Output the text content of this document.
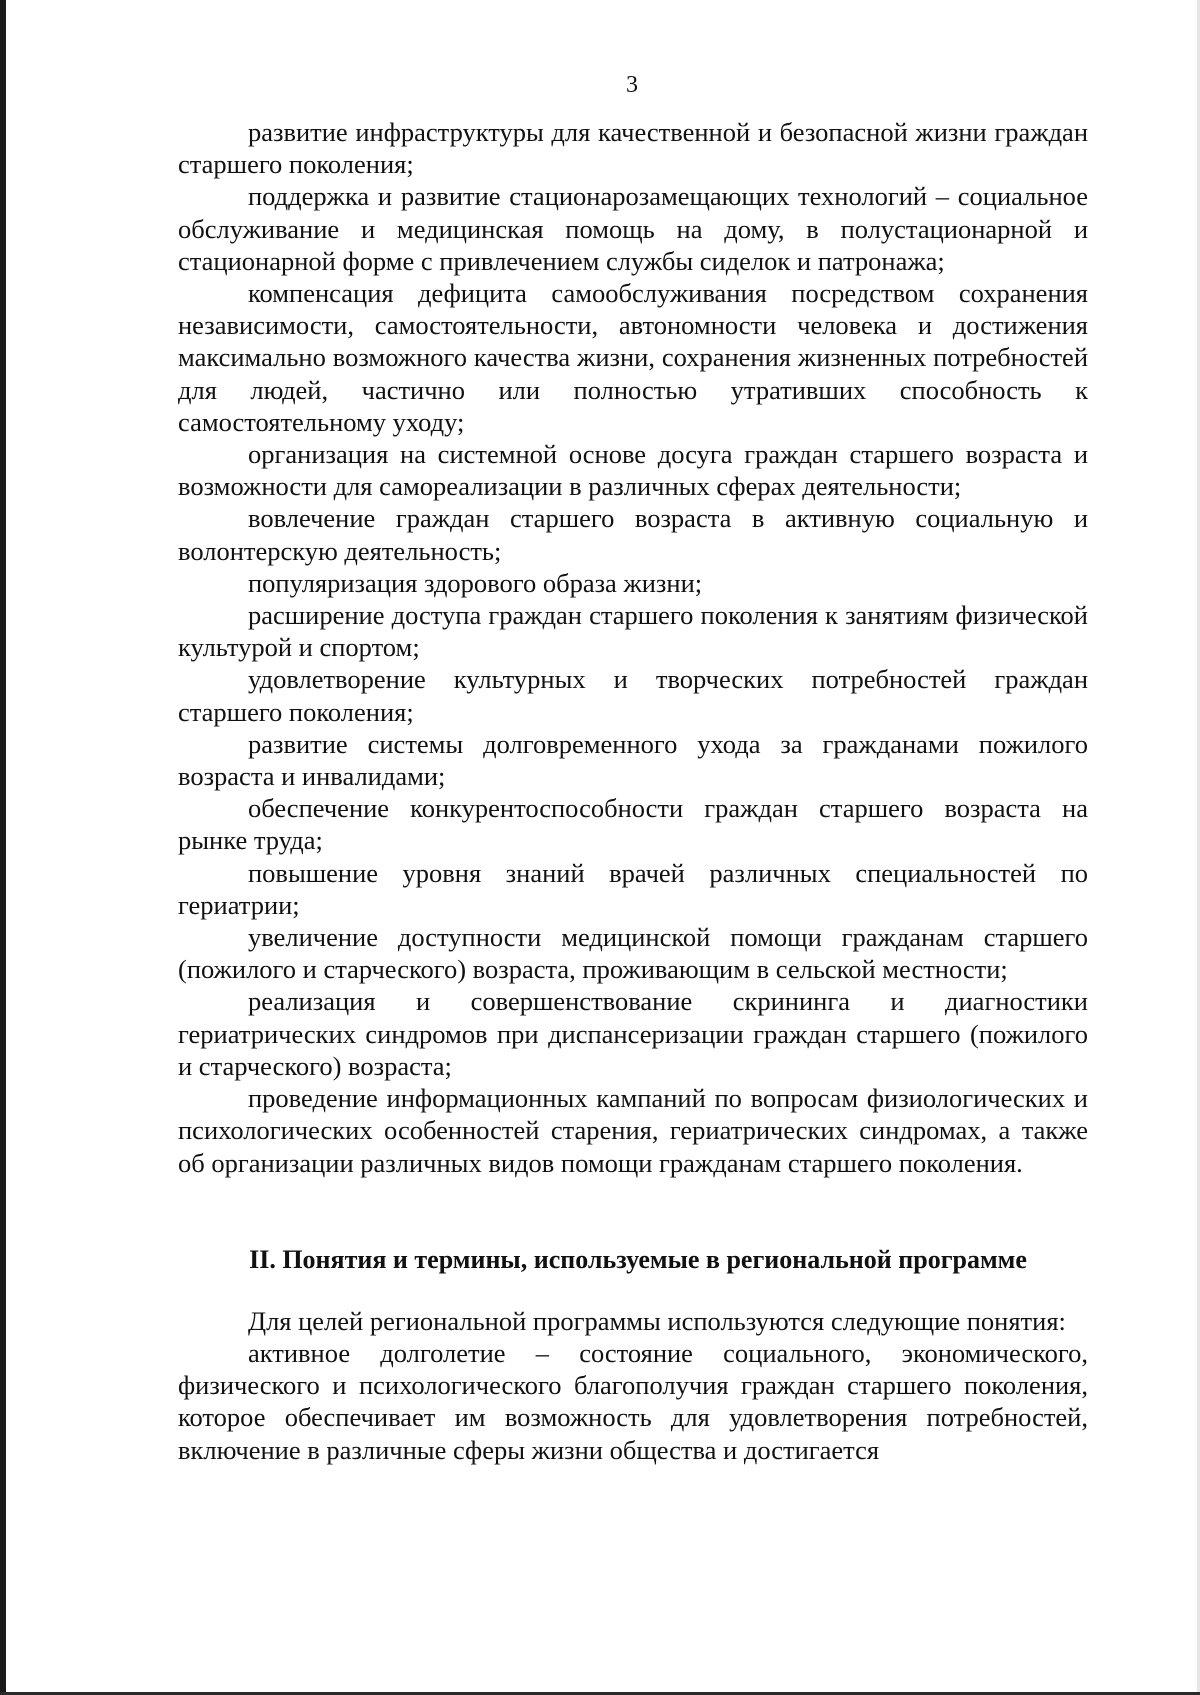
3

развитие инфраструктуры для качественной и безопасной жизни граждан старшего поколения;

поддержка и развитие стационарозамещающих технологий – социальное обслуживание и медицинская помощь на дому, в полустационарной и стационарной форме с привлечением службы сиделок и патронажа;

компенсация дефицита самообслуживания посредством сохранения независимости, самостоятельности, автономности человека и достижения максимально возможного качества жизни, сохранения жизненных потребностей для людей, частично или полностью утративших способность к самостоятельному уходу;

организация на системной основе досуга граждан старшего возраста и возможности для самореализации в различных сферах деятельности;

вовлечение граждан старшего возраста в активную социальную и волонтерскую деятельность;

популяризация здорового образа жизни;

расширение доступа граждан старшего поколения к занятиям физической культурой и спортом;

удовлетворение культурных и творческих потребностей граждан старшего поколения;

развитие системы долговременного ухода за гражданами пожилого возраста и инвалидами;

обеспечение конкурентоспособности граждан старшего возраста на рынке труда;

повышение уровня знаний врачей различных специальностей по гериатрии;

увеличение доступности медицинской помощи гражданам старшего (пожилого и старческого) возраста, проживающим в сельской местности;

реализация и совершенствование скрининга и диагностики гериатрических синдромов при диспансеризации граждан старшего (пожилого и старческого) возраста;

проведение информационных кампаний по вопросам физиологических и психологических особенностей старения, гериатрических синдромах, а также об организации различных видов помощи гражданам старшего поколения.

II. Понятия и термины, используемые в региональной программе

Для целей региональной программы используются следующие понятия:

активное долголетие – состояние социального, экономического, физического и психологического благополучия граждан старшего поколения, которое обеспечивает им возможность для удовлетворения потребностей, включение в различные сферы жизни общества и достигается
